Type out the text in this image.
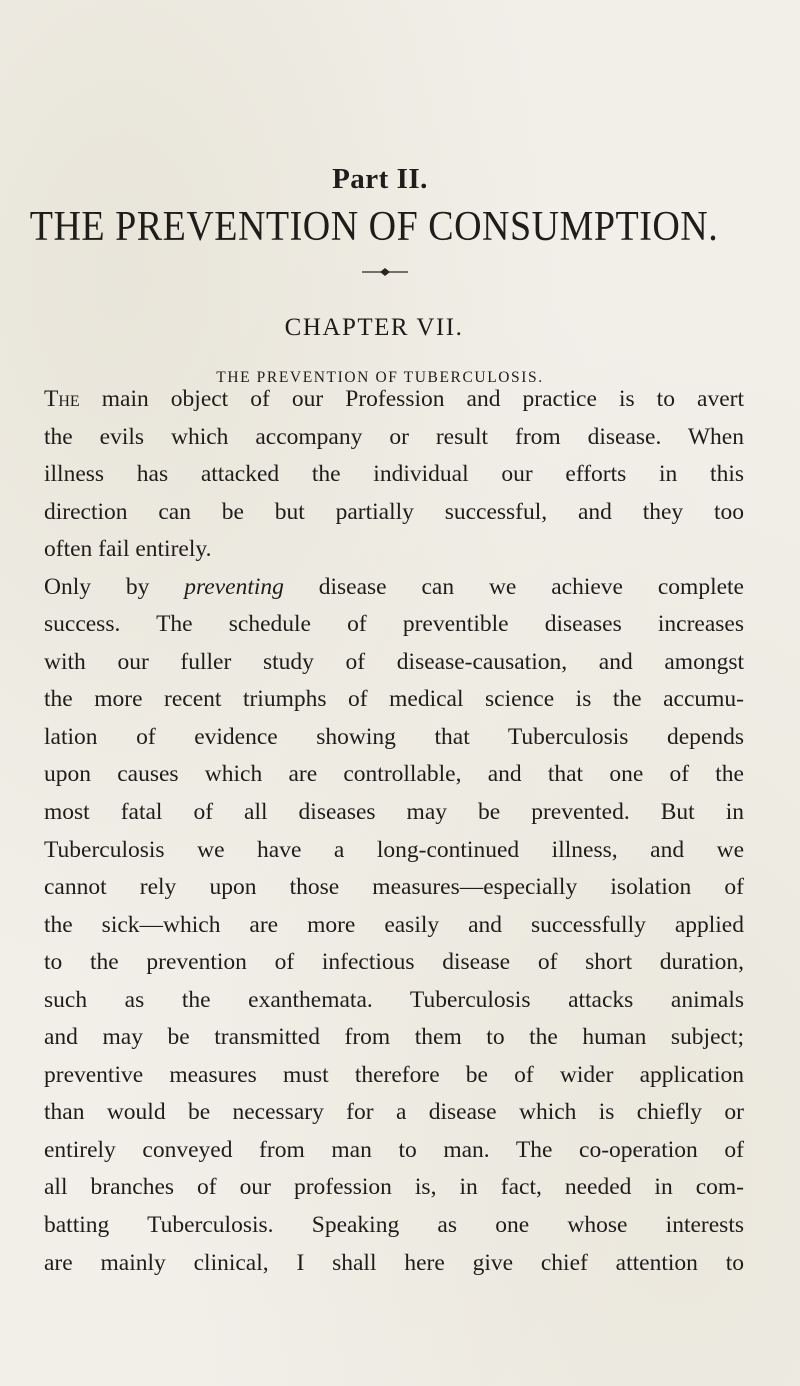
Part II.
THE PREVENTION OF CONSUMPTION.
CHAPTER VII.
THE PREVENTION OF TUBERCULOSIS.
The main object of our Profession and practice is to avert
the evils which accompany or result from disease. When
illness has attacked the individual our efforts in this
direction can be but partially successful, and they too
often fail entirely.
Only by preventing disease can we achieve complete
success. The schedule of preventible diseases increases
with our fuller study of disease-causation, and amongst
the more recent triumphs of medical science is the accumu-
lation of evidence showing that Tuberculosis depends
upon causes which are controllable, and that one of the
most fatal of all diseases may be prevented. But in
Tuberculosis we have a long-continued illness, and we
cannot rely upon those measures—especially isolation of
the sick—which are more easily and successfully applied
to the prevention of infectious disease of short duration,
such as the exanthemata. Tuberculosis attacks animals
and may be transmitted from them to the human subject;
preventive measures must therefore be of wider application
than would be necessary for a disease which is chiefly or
entirely conveyed from man to man. The co-operation of
all branches of our profession is, in fact, needed in com-
batting Tuberculosis. Speaking as one whose interests
are mainly clinical, I shall here give chief attention to
